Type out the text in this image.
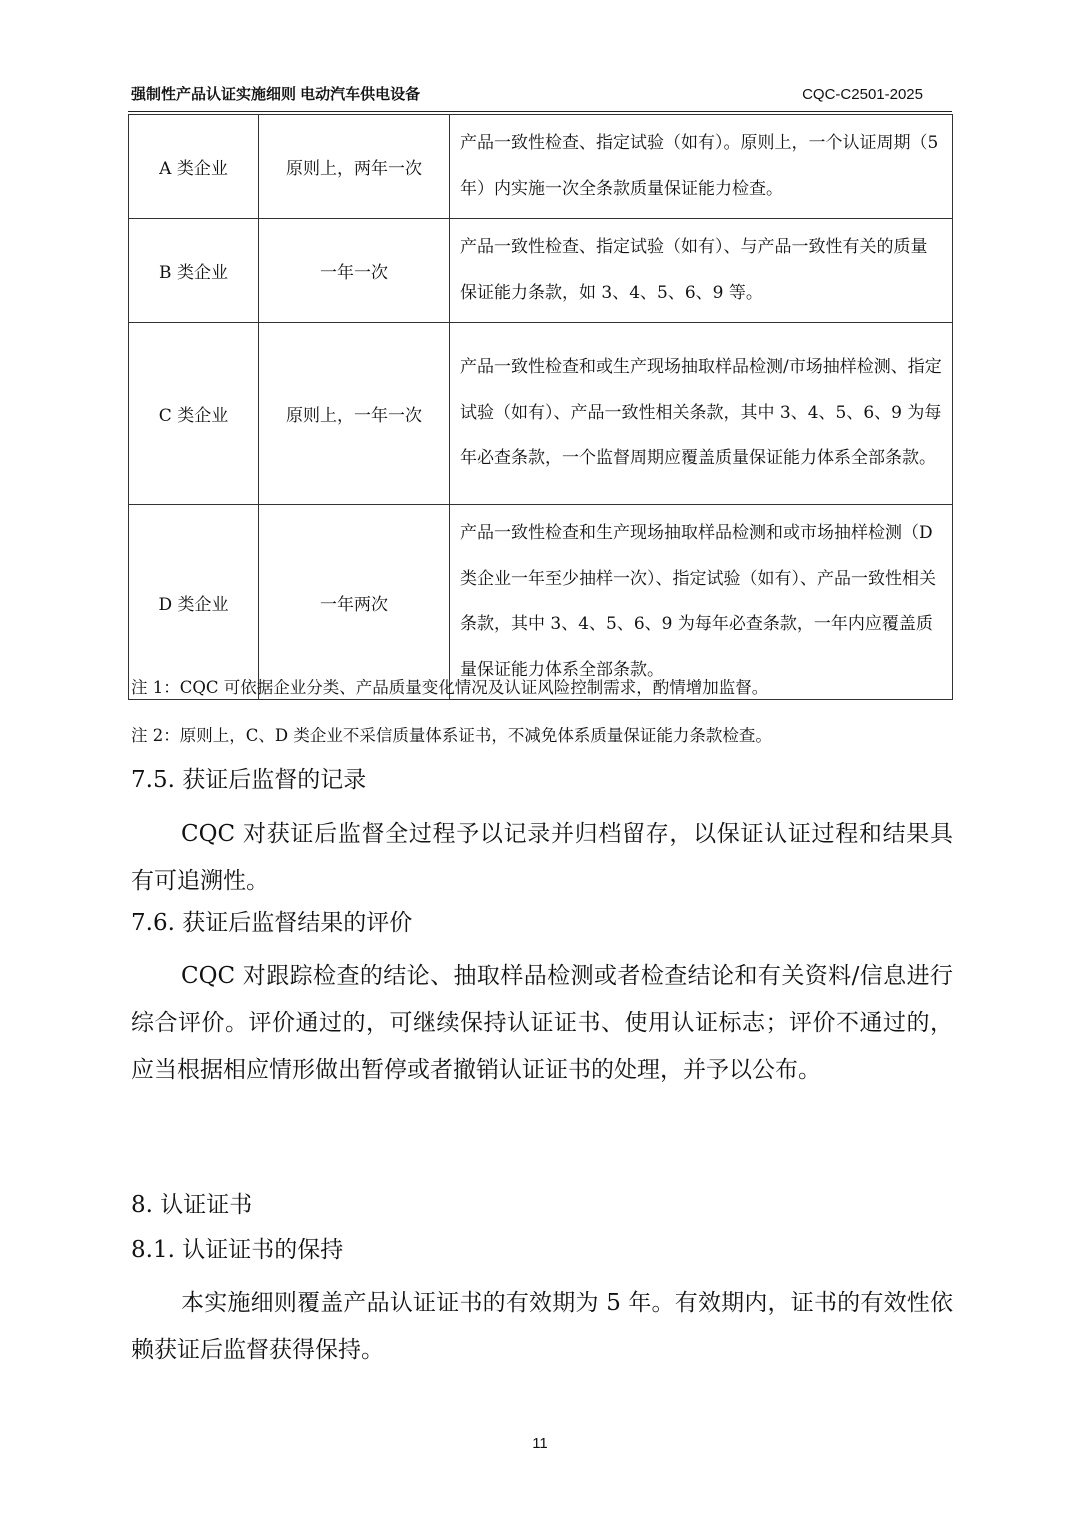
强制性产品认证实施细则 电动汽车供电设备	CQC-C2501-2025
A 类企业	原则上，两年一次	产品一致性检查、指定试验（如有）。原则上，一个认证周期（5 年）内实施一次全条款质量保证能力检查。
B 类企业	一年一次	产品一致性检查、指定试验（如有）、与产品一致性有关的质量保证能力条款，如 3、4、5、6、9 等。
C 类企业	原则上，一年一次	产品一致性检查和或生产现场抽取样品检测/市场抽样检测、指定试验（如有）、产品一致性相关条款，其中 3、4、5、6、9 为每年必查条款，一个监督周期应覆盖质量保证能力体系全部条款。
D 类企业	一年两次	产品一致性检查和生产现场抽取样品检测和或市场抽样检测（D 类企业一年至少抽样一次）、指定试验（如有）、产品一致性相关条款，其中 3、4、5、6、9 为每年必查条款，一年内应覆盖质量保证能力体系全部条款。

注 1：CQC 可依据企业分类、产品质量变化情况及认证风险控制需求，酌情增加监督。

注 2：原则上，C、D 类企业不采信质量体系证书，不减免体系质量保证能力条款检查。

7.5. 获证后监督的记录

CQC 对获证后监督全过程予以记录并归档留存，以保证认证过程和结果具有可追溯性。

7.6. 获证后监督结果的评价

CQC 对跟踪检查的结论、抽取样品检测或者检查结论和有关资料/信息进行综合评价。评价通过的，可继续保持认证证书、使用认证标志；评价不通过的，应当根据相应情形做出暂停或者撤销认证证书的处理，并予以公布。

8. 认证证书
8.1. 认证证书的保持

本实施细则覆盖产品认证证书的有效期为 5 年。有效期内，证书的有效性依赖获证后监督获得保持。

11
